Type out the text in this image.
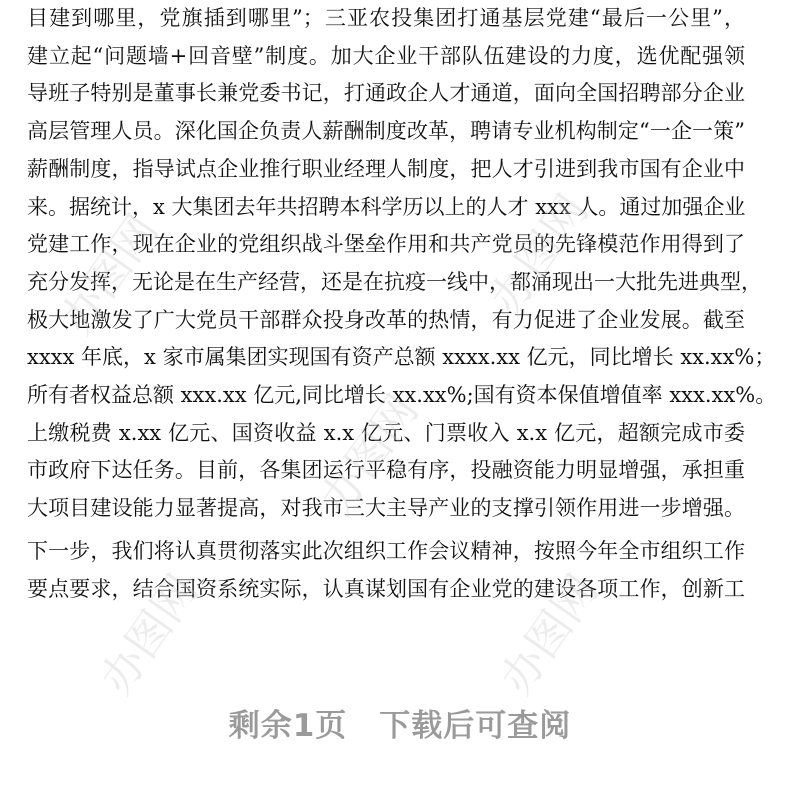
目建到哪里，党旗插到哪里”；三亚农投集团打通基层党建“最后一公里”，
建立起“问题墙+回音壁”制度。加大企业干部队伍建设的力度，选优配强领
导班子特别是董事长兼党委书记，打通政企人才通道，面向全国招聘部分企业
高层管理人员。深化国企负责人薪酬制度改革，聘请专业机构制定“一企一策”
薪酬制度，指导试点企业推行职业经理人制度，把人才引进到我市国有企业中
来。据统计，x 大集团去年共招聘本科学历以上的人才 xxx 人。通过加强企业
党建工作，现在企业的党组织战斗堡垒作用和共产党员的先锋模范作用得到了
充分发挥，无论是在生产经营，还是在抗疫一线中，都涌现出一大批先进典型，
极大地激发了广大党员干部群众投身改革的热情，有力促进了企业发展。截至
xxxx 年底，x 家市属集团实现国有资产总额 xxxx.xx 亿元，同比增长 xx.xx%；
所有者权益总额 xxx.xx 亿元,同比增长 xx.xx%;国有资本保值增值率 xxx.xx%。
上缴税费 x.xx 亿元、国资收益 x.x 亿元、门票收入 x.x 亿元，超额完成市委
市政府下达任务。目前，各集团运行平稳有序，投融资能力明显增强，承担重
大项目建设能力显著提高，对我市三大主导产业的支撑引领作用进一步增强。
下一步，我们将认真贯彻落实此次组织工作会议精神，按照今年全市组织工作
要点要求，结合国资系统实际，认真谋划国有企业党的建设各项工作，创新工
办图网	办图网
办图网
办图网	办图网
剩余1页 下载后可查阅
